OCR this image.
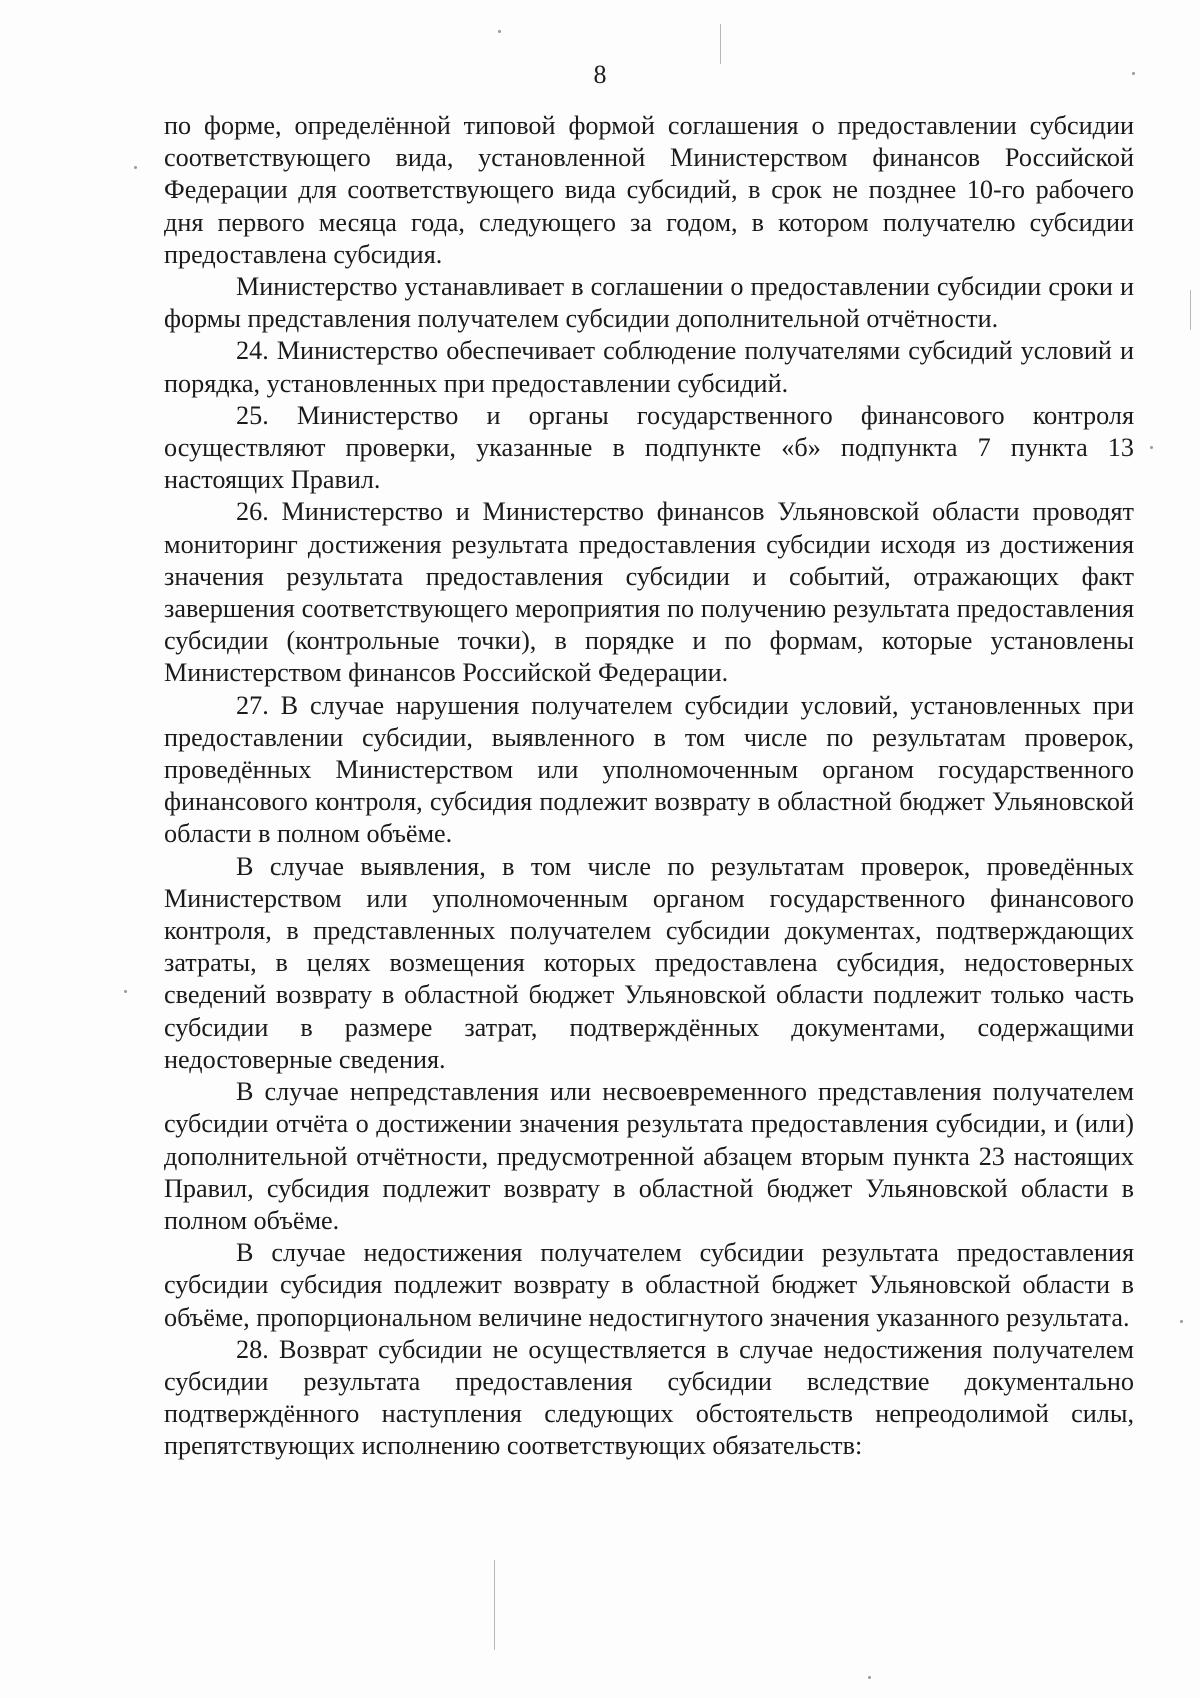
8

по форме, определённой типовой формой соглашения о предоставлении субсидии соответствующего вида, установленной Министерством финансов Российской Федерации для соответствующего вида субсидий, в срок не позднее 10-го рабочего дня первого месяца года, следующего за годом, в котором получателю субсидии предоставлена субсидия.

Министерство устанавливает в соглашении о предоставлении субсидии сроки и формы представления получателем субсидии дополнительной отчётности.

24. Министерство обеспечивает соблюдение получателями субсидий условий и порядка, установленных при предоставлении субсидий.

25. Министерство и органы государственного финансового контроля осуществляют проверки, указанные в подпункте «б» подпункта 7 пункта 13 настоящих Правил.

26. Министерство и Министерство финансов Ульяновской области проводят мониторинг достижения результата предоставления субсидии исходя из достижения значения результата предоставления субсидии и событий, отражающих факт завершения соответствующего мероприятия по получению результата предоставления субсидии (контрольные точки), в порядке и по формам, которые установлены Министерством финансов Российской Федерации.

27. В случае нарушения получателем субсидии условий, установленных при предоставлении субсидии, выявленного в том числе по результатам проверок, проведённых Министерством или уполномоченным органом государственного финансового контроля, субсидия подлежит возврату в областной бюджет Ульяновской области в полном объёме.

В случае выявления, в том числе по результатам проверок, проведённых Министерством или уполномоченным органом государственного финансового контроля, в представленных получателем субсидии документах, подтверждающих затраты, в целях возмещения которых предоставлена субсидия, недостоверных сведений возврату в областной бюджет Ульяновской области подлежит только часть субсидии в размере затрат, подтверждённых документами, содержащими недостоверные сведения.

В случае непредставления или несвоевременного представления получателем субсидии отчёта о достижении значения результата предоставления субсидии, и (или) дополнительной отчётности, предусмотренной абзацем вторым пункта 23 настоящих Правил, субсидия подлежит возврату в областной бюджет Ульяновской области в полном объёме.

В случае недостижения получателем субсидии результата предоставления субсидии субсидия подлежит возврату в областной бюджет Ульяновской области в объёме, пропорциональном величине недостигнутого значения указанного результата.

28. Возврат субсидии не осуществляется в случае недостижения получателем субсидии результата предоставления субсидии вследствие документально подтверждённого наступления следующих обстоятельств непреодолимой силы, препятствующих исполнению соответствующих обязательств:
